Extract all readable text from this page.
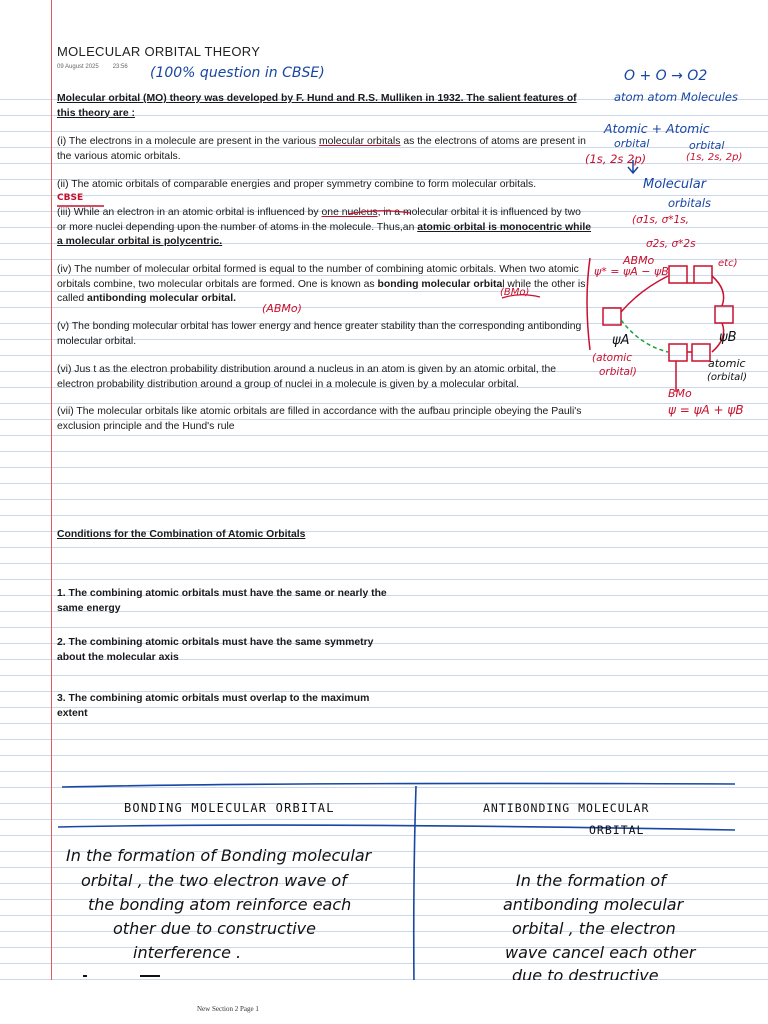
MOLECULAR ORBITAL THEORY
09 August 2025 23:56
Molecular orbital (MO) theory was developed by F. Hund and R.S. Mulliken in 1932. The salient features of this theory are :
(i) The electrons in a molecule are present in the various molecular orbitals as the electrons of atoms are present in the various atomic orbitals.
(ii) The atomic orbitals of comparable energies and proper symmetry combine to form molecular orbitals.
(iii) While an electron in an atomic orbital is influenced by one nucleus, in a molecular orbital it is influenced by two or more nuclei depending upon the number of atoms in the molecule. Thus,an atomic orbital is monocentric while a molecular orbital is polycentric.
(iv) The number of molecular orbital formed is equal to the number of combining atomic orbitals. When two atomic orbitals combine, two molecular orbitals are formed. One is known as bonding molecular orbital while the other is called antibonding molecular orbital.
(v) The bonding molecular orbital has lower energy and hence greater stability than the corresponding antibonding molecular orbital.
(vi) Jus t as the electron probability distribution around a nucleus in an atom is given by an atomic orbital, the electron probability distribution around a group of nuclei in a molecule is given by a molecular orbital.
(vii) The molecular orbitals like atomic orbitals are filled in accordance with the aufbau principle obeying the Pauli's exclusion principle and the Hund's rule
Conditions for the Combination of Atomic Orbitals
1. The combining atomic orbitals must have the same or nearly the same energy
2. The combining atomic orbitals must have the same symmetry about the molecular axis
3. The combining atomic orbitals must overlap to the maximum extent
(100% question in CBSE)
CBSE
O + O → O2
atom atom Molecules
Atomic + Atomic
orbital	orbital
(1s, 2s 2p)	(1s, 2s, 2p)
Molecular
orbitals
(σ1s, σ*1s,
σ2s, σ*2s
etc)
ABMo
ψ* = ψA − ψB
(BMo)
(ABMo)
ψA	ψB
(atomic
orbital)
atomic
(orbital)
BMo
ψ = ψA + ψB
BONDING MOLECULAR ORBITAL	ANTIBONDING MOLECULAR
ORBITAL
In the formation of Bonding molecular
orbital , the two electron wave of
the bonding atom reinforce each
other due to constructive
interference .
In the formation of
antibonding molecular
orbital , the electron
wave cancel each other
due to destructive
New Section 2 Page 1
